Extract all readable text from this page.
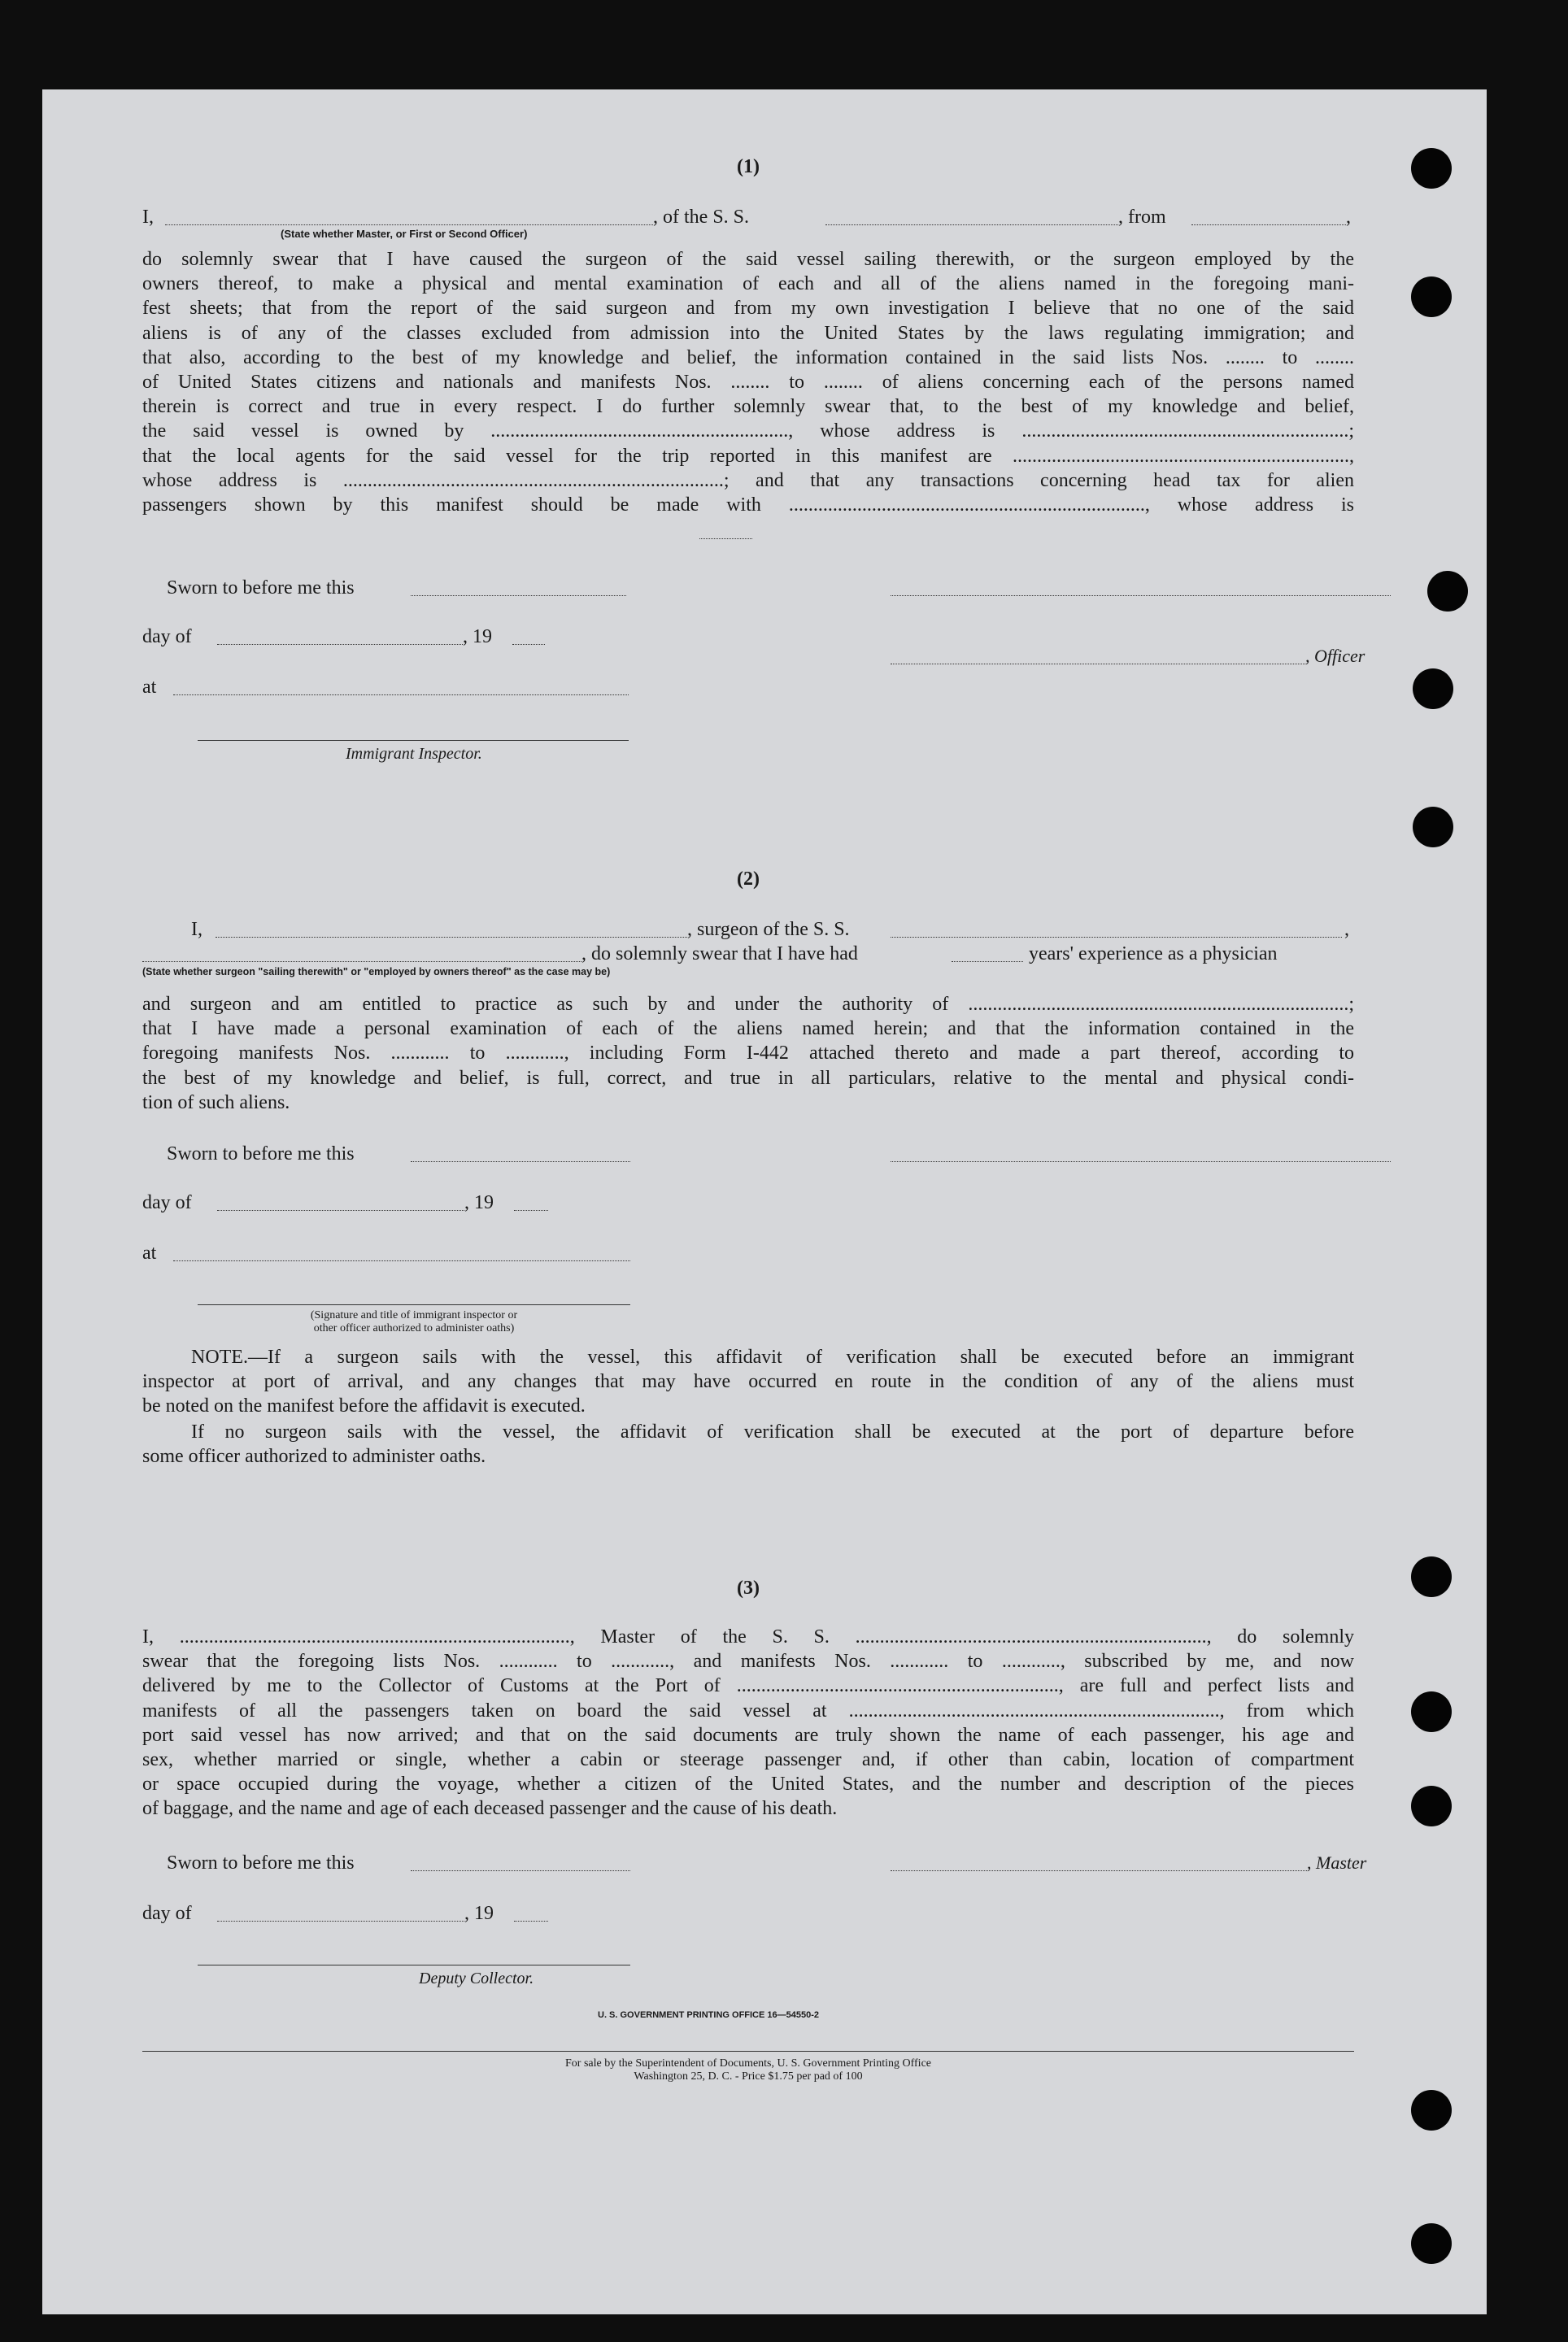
(1)
I,	, of the S. S.	, from	,
(State whether Master, or First or Second Officer)

do solemnly swear that I have caused the surgeon of the said vessel sailing therewith, or the surgeon employed by the

owners thereof, to make a physical and mental examination of each and all of the aliens named in the foregoing mani-

fest sheets; that from the report of the said surgeon and from my own investigation I believe that no one of the said

aliens is of any of the classes excluded from admission into the United States by the laws regulating immigration; and

that also, according to the best of my knowledge and belief, the information contained in the said lists Nos. ........ to ........

of United States citizens and nationals and manifests Nos. ........ to ........ of aliens concerning each of the persons named

therein is correct and true in every respect. I do further solemnly swear that, to the best of my knowledge and belief,

the said vessel is owned by ............................................................., whose address is ...................................................................;

that the local agents for the said vessel for the trip reported in this manifest are .....................................................................,

whose address is ..............................................................................; and that any transactions concerning head tax for alien

passengers shown by this manifest should be made with ........................................................................., whose address is

Sworn to before me this
day of	, 19
, Officer
at
Immigrant Inspector.
(2)
I,	, surgeon of the S. S.	,
, do solemnly swear that I have had	years' experience as a physician
(State whether surgeon "sailing therewith" or "employed by owners thereof" as the case may be)

and surgeon and am entitled to practice as such by and under the authority of ..............................................................................;

that I have made a personal examination of each of the aliens named herein; and that the information contained in the

foregoing manifests Nos. ............ to ............, including Form I-442 attached thereto and made a part thereof, according to

the best of my knowledge and belief, is full, correct, and true in all particulars, relative to the mental and physical condi-

tion of such aliens.

Sworn to before me this
day of	, 19
at
(Signature and title of immigrant inspector or
other officer authorized to administer oaths)

NOTE.—If a surgeon sails with the vessel, this affidavit of verification shall be executed before an immigrant

inspector at port of arrival, and any changes that may have occurred en route in the condition of any of the aliens must

be noted on the manifest before the affidavit is executed.

If no surgeon sails with the vessel, the affidavit of verification shall be executed at the port of departure before

some officer authorized to administer oaths.

(3)

I, ................................................................................, Master of the S. S. ........................................................................, do solemnly

swear that the foregoing lists Nos. ............ to ............, and manifests Nos. ............ to ............, subscribed by me, and now

delivered by me to the Collector of Customs at the Port of .................................................................., are full and perfect lists and

manifests of all the passengers taken on board the said vessel at ............................................................................, from which

port said vessel has now arrived; and that on the said documents are truly shown the name of each passenger, his age and

sex, whether married or single, whether a cabin or steerage passenger and, if other than cabin, location of compartment

or space occupied during the voyage, whether a citizen of the United States, and the number and description of the pieces

of baggage, and the name and age of each deceased passenger and the cause of his death.

Sworn to before me this	, Master
day of	, 19
Deputy Collector.
U. S. GOVERNMENT PRINTING OFFICE 16—54550-2
For sale by the Superintendent of Documents, U. S. Government Printing Office
Washington 25, D. C. - Price $1.75 per pad of 100
